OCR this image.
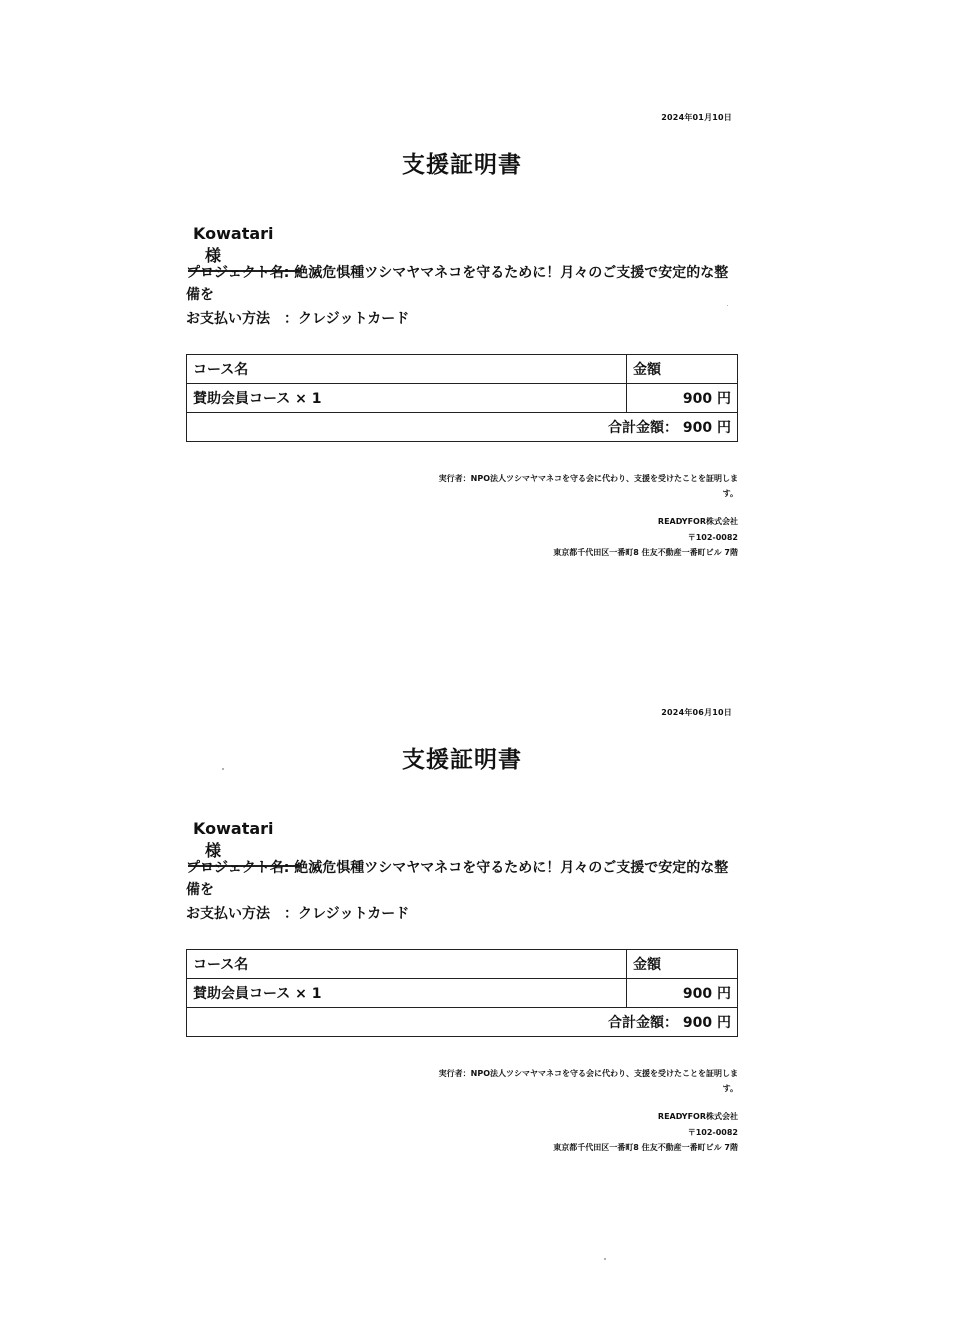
2024年01月10日
支援証明書
Kowatari様
プロジェクト名: 絶滅危惧種ツシマヤマネコを守るために！月々のご支援で安定的な整備を
お支払い方法 ：クレジットカード
コース名	金額
賛助会員コース × 1	900 円
合計金額： 900 円	
実行者：NPO法人ツシマヤマネコを守る会に代わり、支援を受けたことを証明します。
READYFOR株式会社
〒102-0082
東京都千代田区一番町8 住友不動産一番町ビル 7階
2024年06月10日
支援証明書
Kowatari様
プロジェクト名: 絶滅危惧種ツシマヤマネコを守るために！月々のご支援で安定的な整備を
お支払い方法 ：クレジットカード
コース名	金額
賛助会員コース × 1	900 円
合計金額： 900 円	
実行者：NPO法人ツシマヤマネコを守る会に代わり、支援を受けたことを証明します。
READYFOR株式会社
〒102-0082
東京都千代田区一番町8 住友不動産一番町ビル 7階
